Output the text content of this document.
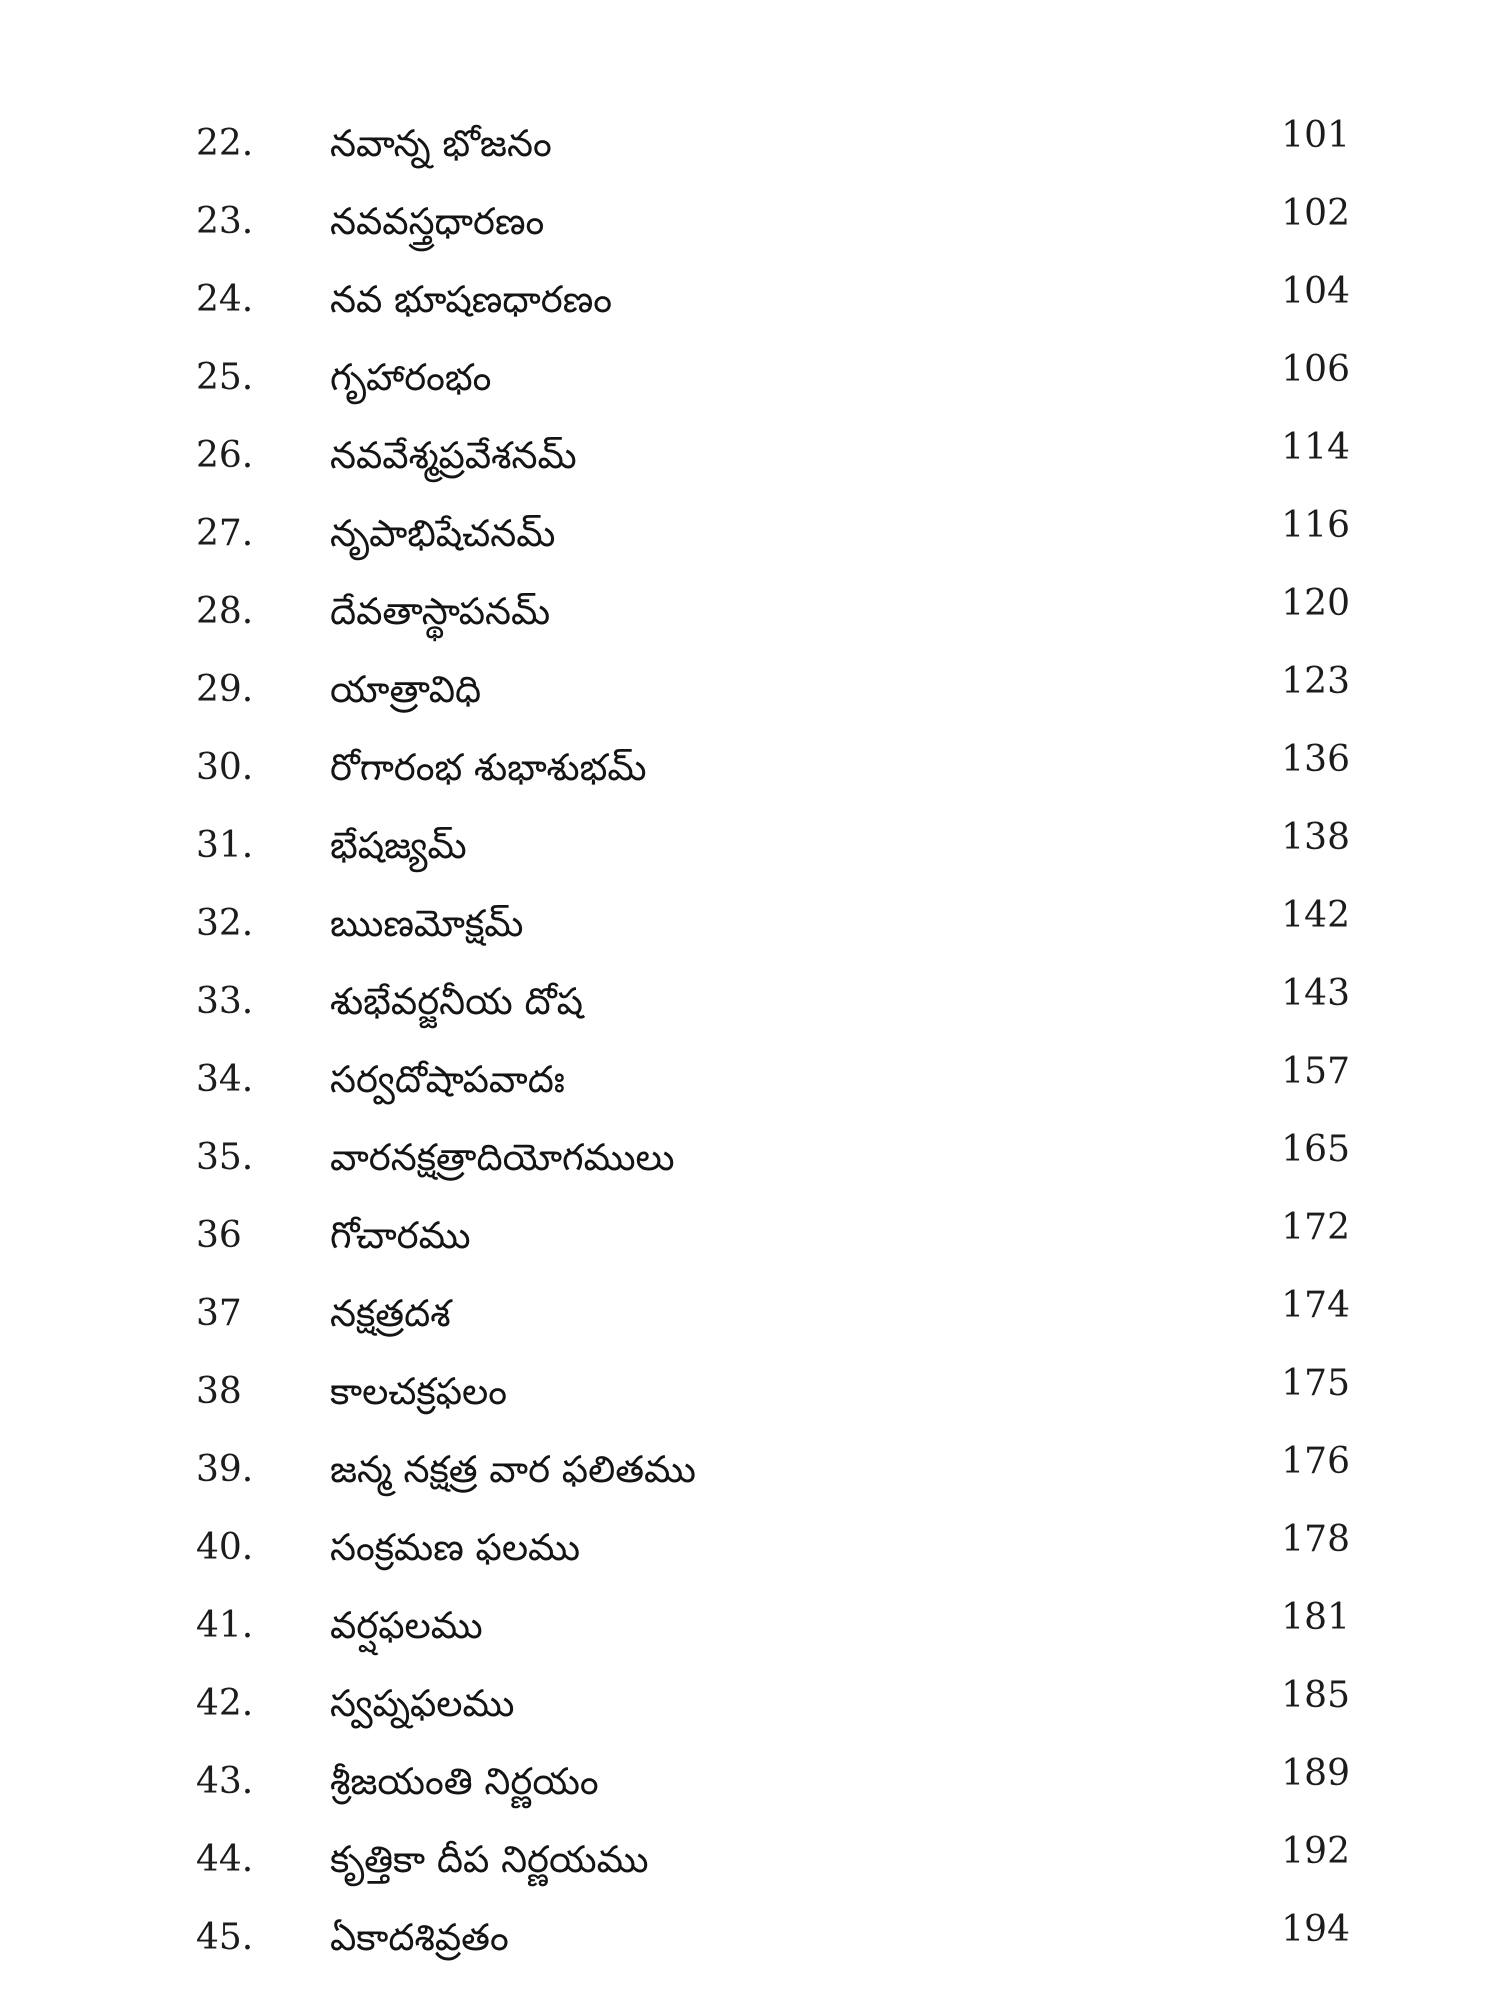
22. నవాన్న భోజనం	101
23. నవవస్త్రధారణం	102
24. నవ భూషణధారణం	104
25. గృహారంభం	106
26. నవవేశ్మప్రవేశనమ్	114
27. నృపాభిషేచనమ్	116
28. దేవతాస్థాపనమ్	120
29. యాత్రావిధి	123
30. రోగారంభ శుభాశుభమ్	136
31. భేషజ్యమ్	138
32. ఋణమోక్షమ్	142
33. శుభేవర్జనీయ దోష	143
34. సర్వదోషాపవాదః	157
35. వారనక్షత్రాదియోగములు	165
36 గోచారము	172
37 నక్షత్రదశ	174
38 కాలచక్రఫలం	175
39. జన్మ నక్షత్ర వార ఫలితము	176
40. సంక్రమణ ఫలము	178
41. వర్షఫలము	181
42. స్వప్నఫలము	185
43. శ్రీజయంతి నిర్ణయం	189
44. కృత్తికా దీప నిర్ణయము	192
45. ఏకాదశివ్రతం	194
